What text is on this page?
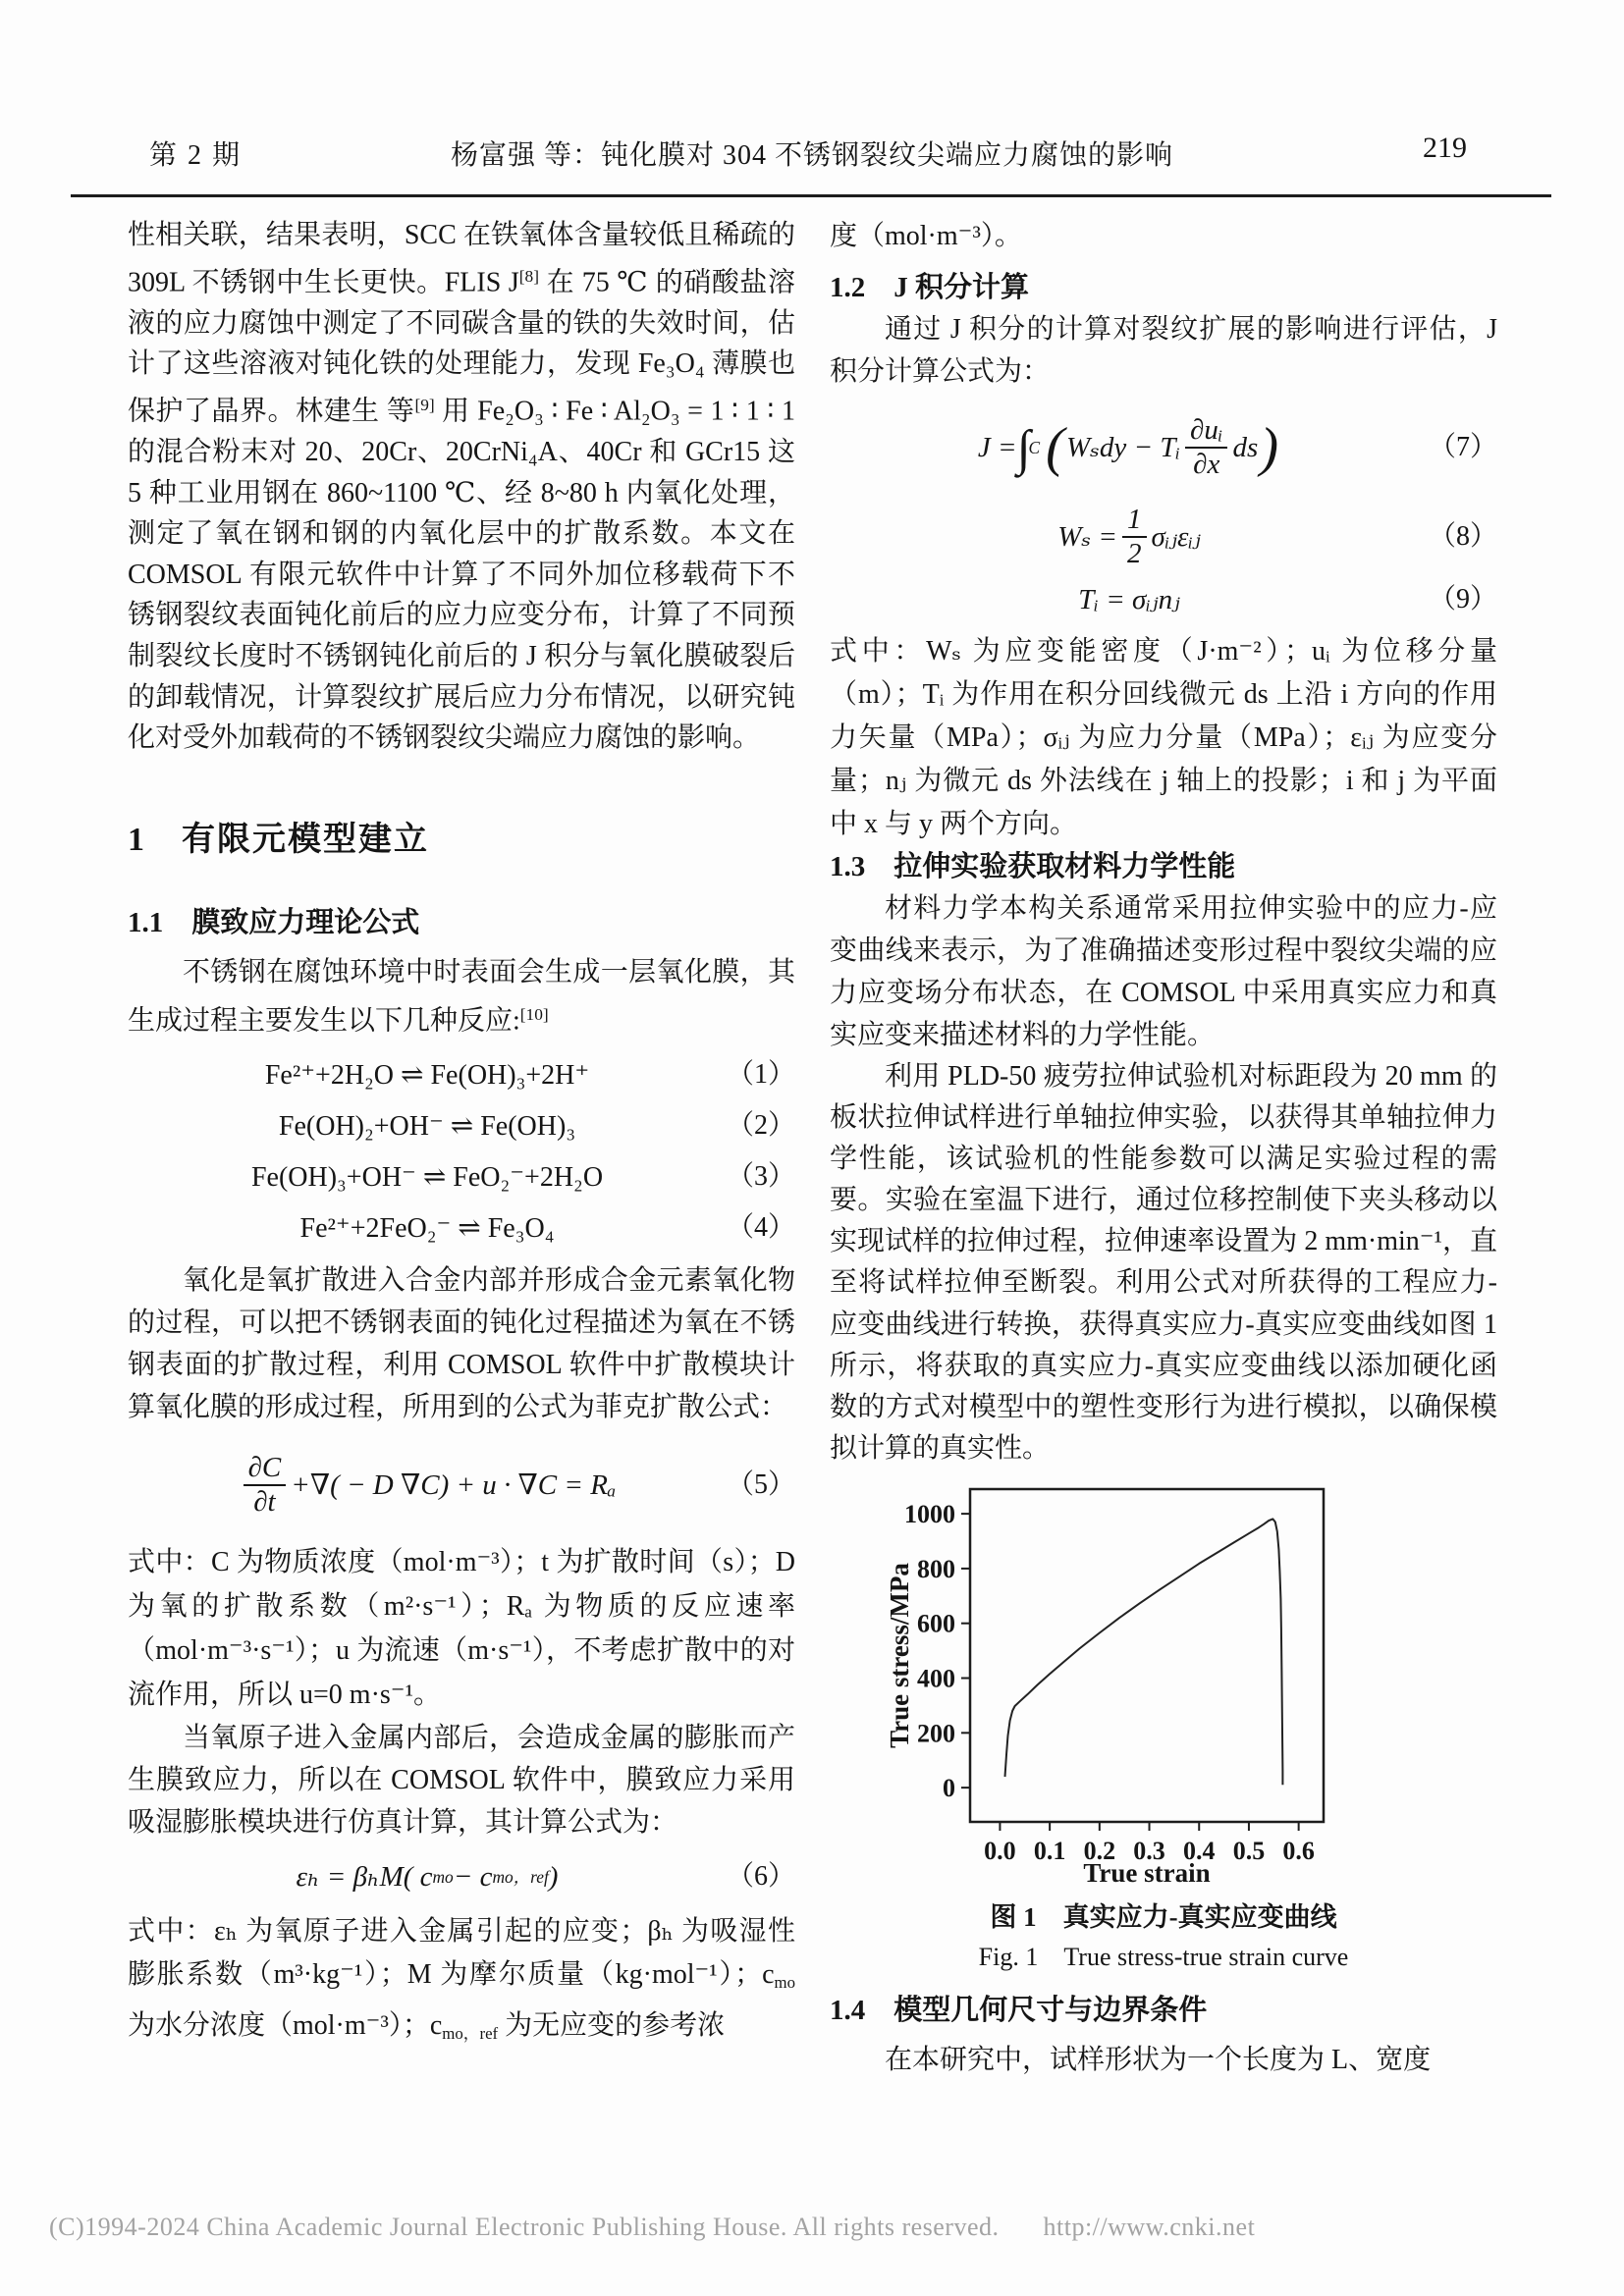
第 2 期	杨富强 等：钝化膜对 304 不锈钢裂纹尖端应力腐蚀的影响	219

性相关联，结果表明，SCC 在铁氧体含量较低且稀疏的 309L 不锈钢中生长更快。FLIS J[8] 在 75 ℃ 的硝酸盐溶液的应力腐蚀中测定了不同碳含量的铁的失效时间，估计了这些溶液对钝化铁的处理能力，发现 Fe₃O₄ 薄膜也保护了晶界。林建生 等[9] 用 Fe₂O₃ ∶ Fe ∶ Al₂O₃ = 1 ∶ 1 ∶ 1 的混合粉末对 20、20Cr、20CrNi₄A、40Cr 和 GCr15 这 5 种工业用钢在 860~1100 ℃、经 8~80 h 内氧化处理，测定了氧在钢和钢的内氧化层中的扩散系数。本文在 COMSOL 有限元软件中计算了不同外加位移载荷下不锈钢裂纹表面钝化前后的应力应变分布，计算了不同预制裂纹长度时不锈钢钝化前后的 J 积分与氧化膜破裂后的卸载情况，计算裂纹扩展后应力分布情况，以研究钝化对受外加载荷的不锈钢裂纹尖端应力腐蚀的影响。

1　有限元模型建立
1.1　膜致应力理论公式

不锈钢在腐蚀环境中时表面会生成一层氧化膜，其生成过程主要发生以下几种反应:[10]

Fe²⁺+2H₂O ⇌ Fe(OH)₃+2H⁺	（1）
Fe(OH)₂+OH⁻ ⇌ Fe(OH)₃	（2）
Fe(OH)₃+OH⁻ ⇌ FeO₂⁻+2H₂O	（3）
Fe²⁺+2FeO₂⁻ ⇌ Fe₃O₄	（4）

氧化是氧扩散进入合金内部并形成合金元素氧化物的过程，可以把不锈钢表面的钝化过程描述为氧在不锈钢表面的扩散过程，利用 COMSOL 软件中扩散模块计算氧化膜的形成过程，所用到的公式为菲克扩散公式：

$\frac{\partial C}{\partial t}$ +∇( − D ∇C) + u · ∇C = Rₐ	（5）

式中：C 为物质浓度（mol·m⁻³）；t 为扩散时间（s）；D 为氧的扩散系数（m²·s⁻¹）；Rₐ 为物质的反应速率（mol·m⁻³·s⁻¹）；u 为流速（m·s⁻¹），不考虑扩散中的对流作用，所以 u=0 m·s⁻¹。

当氧原子进入金属内部后，会造成金属的膨胀而产生膜致应力，所以在 COMSOL 软件中，膜致应力采用吸湿膨胀模块进行仿真计算，其计算公式为：

εₕ = βₕM( c mo − c mo，ref )	（6）

式中：εₕ 为氧原子进入金属引起的应变；βₕ 为吸湿性膨胀系数（m³·kg⁻¹）；M 为摩尔质量（kg·mol⁻¹）；$c_{mo}$ 为水分浓度（mol·m⁻³）；$c_{mo,ref}$ 为无应变的参考浓

度（mol·m⁻³）。

1.2　J 积分计算

通过 J 积分的计算对裂纹扩展的影响进行评估，J 积分计算公式为：

J = ∫
C ( Wₛdy − Tᵢ $\frac{\text{∂uᵢ}}{\partial x}$ ds )	（7）
$W_s = \frac{1}{2}$ σᵢⱼεᵢⱼ	（8）
Tᵢ = σᵢⱼnⱼ	（9）

式中：Wₛ 为应变能密度（J·m⁻²）；uᵢ 为位移分量（m）；Tᵢ 为作用在积分回线微元 ds 上沿 i 方向的作用力矢量（MPa）；σᵢⱼ 为应力分量（MPa）；εᵢⱼ 为应变分量；nⱼ 为微元 ds 外法线在 j 轴上的投影；i 和 j 为平面中 x 与 y 两个方向。

1.3　拉伸实验获取材料力学性能

材料力学本构关系通常采用拉伸实验中的应力-应变曲线来表示，为了准确描述变形过程中裂纹尖端的应力应变场分布状态，在 COMSOL 中采用真实应力和真实应变来描述材料的力学性能。

利用 PLD-50 疲劳拉伸试验机对标距段为 20 mm 的板状拉伸试样进行单轴拉伸实验，以获得其单轴拉伸力学性能，该试验机的性能参数可以满足实验过程的需要。实验在室温下进行，通过位移控制使下夹头移动以实现试样的拉伸过程，拉伸速率设置为 2 mm·min⁻¹，直至将试样拉伸至断裂。利用公式对所获得的工程应力-应变曲线进行转换，获得真实应力-真实应变曲线如图 1 所示，将获取的真实应力-真实应变曲线以添加硬化函数的方式对模型中的塑性变形行为进行模拟，以确保模拟计算的真实性。

0.0 0.1 0.2 0.3 0.4 0.5 0.6
0
200
400
600
800
1000
True strain
True stress/MPa

图 1　真实应力-真实应变曲线

Fig. 1　True stress-true strain curve

1.4　模型几何尺寸与边界条件

在本研究中，试样形状为一个长度为 L、宽度

(C)1994-2024 China Academic Journal Electronic Publishing House. All rights reserved. http://www.cnki.net
